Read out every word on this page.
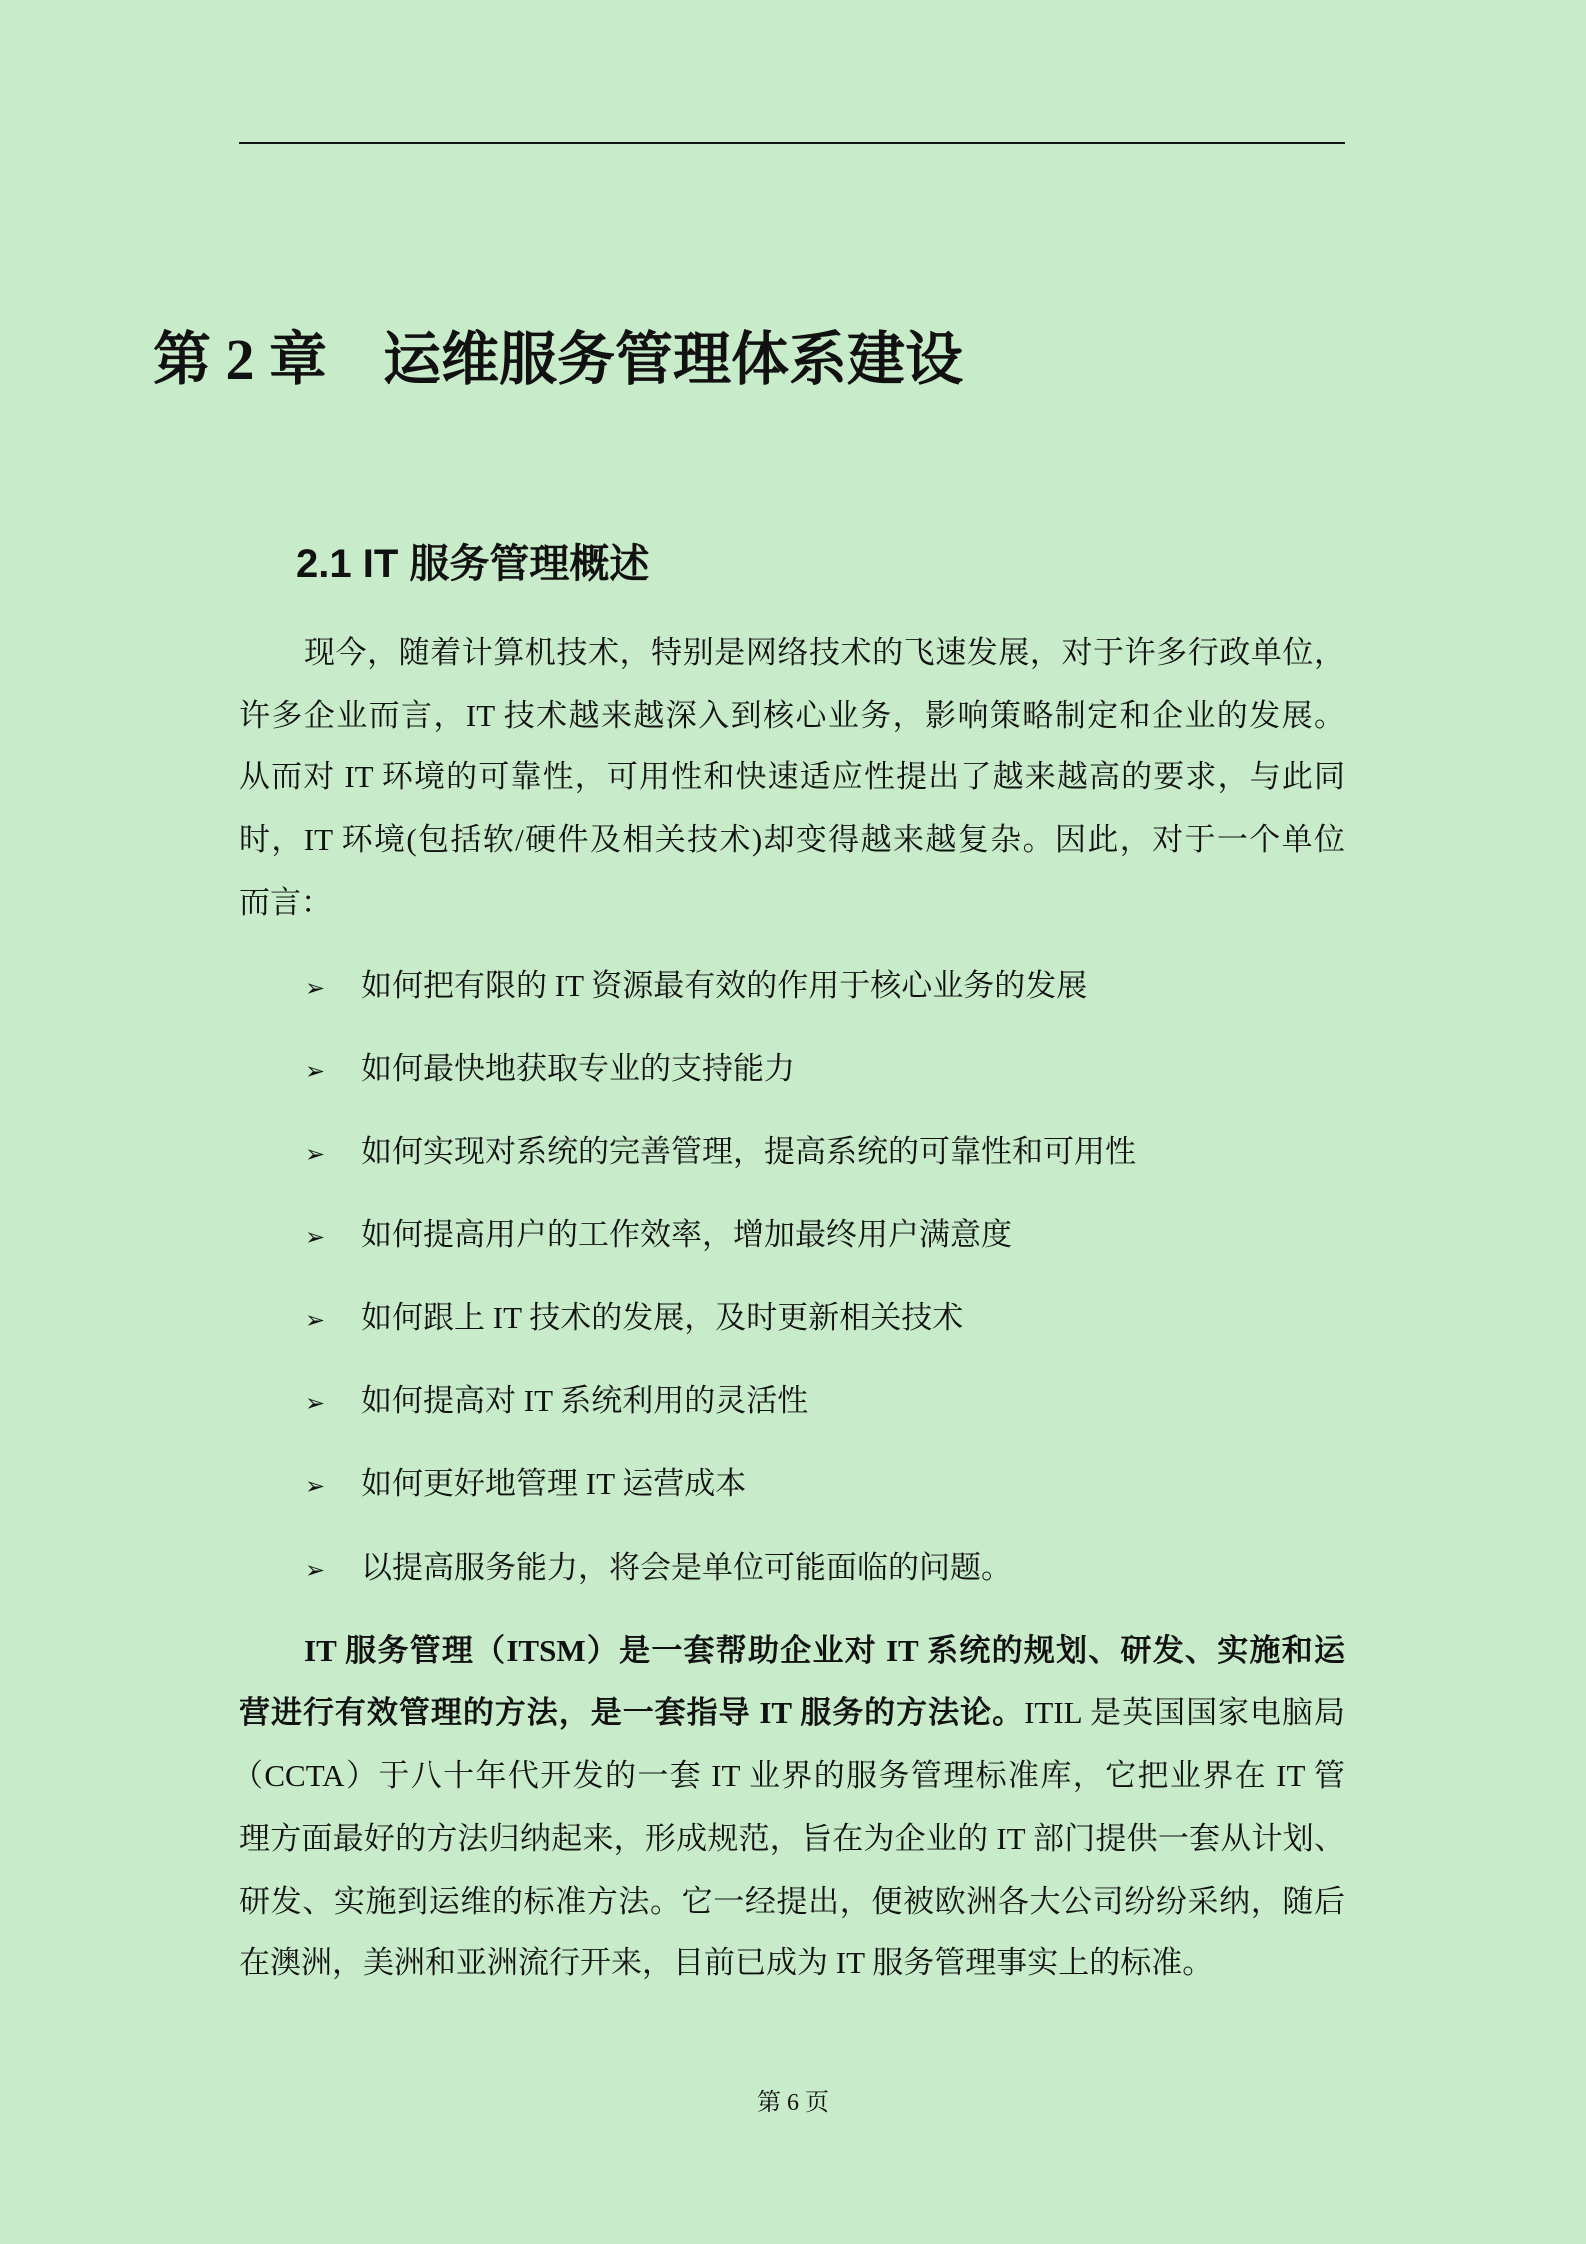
第 2 章 运维服务管理体系建设
2.1 IT 服务管理概述
现今，随着计算机技术，特别是网络技术的飞速发展，对于许多行政单位，
许多企业而言，IT 技术越来越深入到核心业务，影响策略制定和企业的发展。
从而对 IT 环境的可靠性，可用性和快速适应性提出了越来越高的要求，与此同
时，IT 环境(包括软/硬件及相关技术)却变得越来越复杂。因此，对于一个单位
而言：
➢ 如何把有限的 IT 资源最有效的作用于核心业务的发展
➢ 如何最快地获取专业的支持能力
➢ 如何实现对系统的完善管理，提高系统的可靠性和可用性
➢ 如何提高用户的工作效率，增加最终用户满意度
➢ 如何跟上 IT 技术的发展，及时更新相关技术
➢ 如何提高对 IT 系统利用的灵活性
➢ 如何更好地管理 IT 运营成本
➢ 以提高服务能力，将会是单位可能面临的问题。
IT 服务管理（ITSM）是一套帮助企业对 IT 系统的规划、研发、实施和运
营进行有效管理的方法，是一套指导 IT 服务的方法论。ITIL 是英国国家电脑局
（CCTA）于八十年代开发的一套 IT 业界的服务管理标准库，它把业界在 IT 管
理方面最好的方法归纳起来，形成规范，旨在为企业的 IT 部门提供一套从计划、
研发、实施到运维的标准方法。它一经提出，便被欧洲各大公司纷纷采纳，随后
在澳洲，美洲和亚洲流行开来，目前已成为 IT 服务管理事实上的标准。
第 6 页
